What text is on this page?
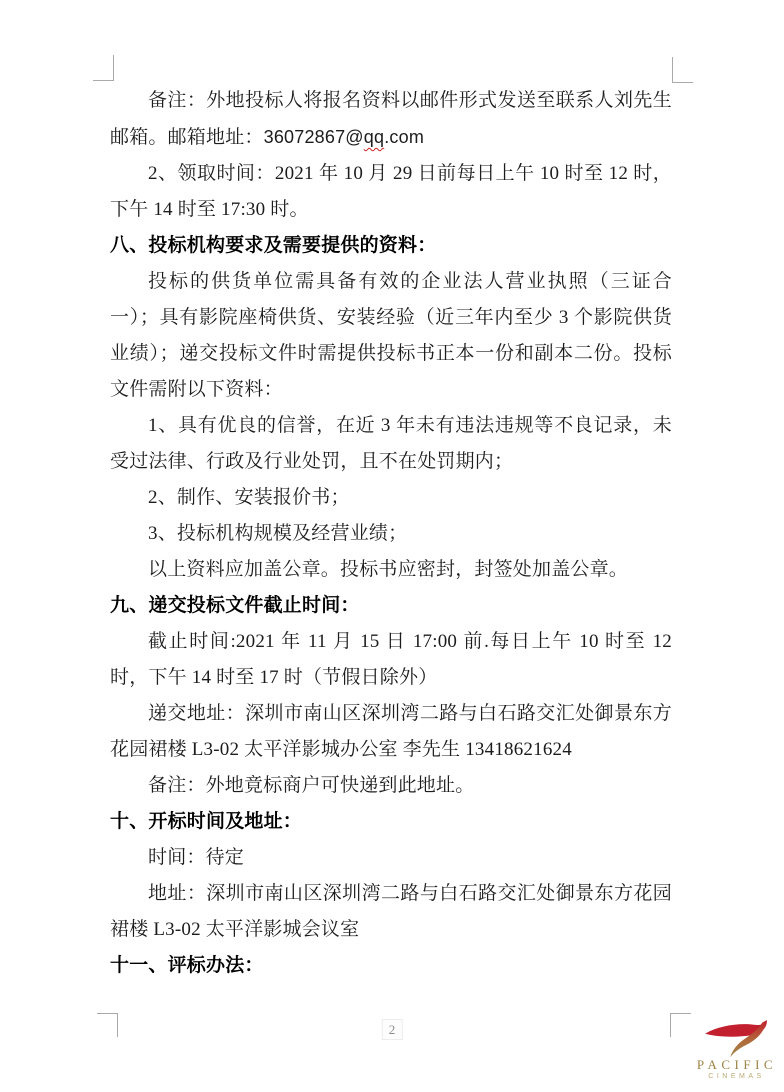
备注：外地投标人将报名资料以邮件形式发送至联系人刘先生邮箱。邮箱地址：36072867@qq.com

2、领取时间：2021 年 10 月 29 日前每日上午 10 时至 12 时，下午 14 时至 17:30 时。

八、投标机构要求及需要提供的资料：

投标的供货单位需具备有效的企业法人营业执照（三证合一）；具有影院座椅供货、安装经验（近三年内至少 3 个影院供货业绩）；递交投标文件时需提供投标书正本一份和副本二份。投标文件需附以下资料：

1、具有优良的信誉，在近 3 年未有违法违规等不良记录，未受过法律、行政及行业处罚，且不在处罚期内；

2、制作、安装报价书；

3、投标机构规模及经营业绩；

以上资料应加盖公章。投标书应密封，封签处加盖公章。

九、递交投标文件截止时间：

截止时间:2021 年 11 月 15 日 17:00 前.每日上午 10 时至 12 时，下午 14 时至 17 时（节假日除外）

递交地址：深圳市南山区深圳湾二路与白石路交汇处御景东方花园裙楼 L3-02 太平洋影城办公室 李先生 13418621624

备注：外地竟标商户可快递到此地址。

十、开标时间及地址：

时间：待定

地址：深圳市南山区深圳湾二路与白石路交汇处御景东方花园裙楼 L3-02 太平洋影城会议室

十一、评标办法：

2
PACIFIC
CINEMAS
